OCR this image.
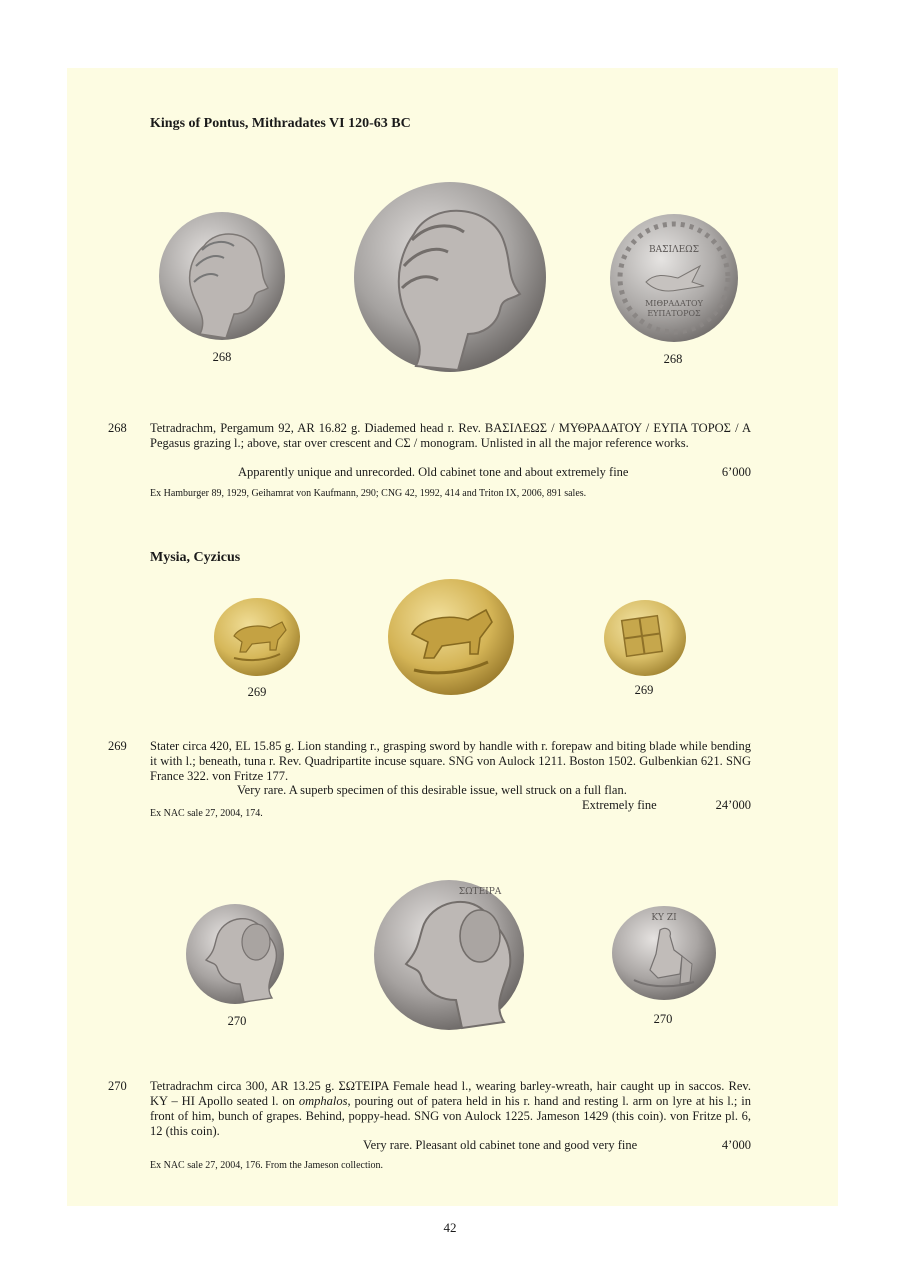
Kings of Pontus, Mithradates VI 120-63 BC
ΒΑΣΙΛΕΩΣ
ΜΙΘΡΑΔΑΤΟΥ
ΕΥΠΑΤΟΡΟΣ
268	268
268 Tetradrachm, Pergamum 92, AR 16.82 g. Diademed head r. Rev. ΒΑΣΙΛΕΩΣ / ΜΥΘΡΑΔΑΤΟΥ / ΕΥΠΑ ΤΟΡΟΣ / Α Pegasus grazing l.; above, star over crescent and CΣ / monogram. Unlisted in all the major reference works.
Apparently unique and unrecorded. Old cabinet tone and about extremely fine	6’000
Ex Hamburger 89, 1929, Geihamrat von Kaufmann, 290; CNG 42, 1992, 414 and Triton IX, 2006, 891 sales.
Mysia, Cyzicus
269	269
269 Stater circa 420, EL 15.85 g. Lion standing r., grasping sword by handle with r. forepaw and biting blade while bending it with l.; beneath, tuna r. Rev. Quadripartite incuse square. SNG von Aulock 1211. Boston 1502. Gulbenkian 621. SNG France 322. von Fritze 177.
Very rare. A superb specimen of this desirable issue, well struck on a full flan.
Extremely fine	24’000
Ex NAC sale 27, 2004, 174.
ΣΩΤΕΙΡΑ
ΚΥ ΖΙ
270	270
270 Tetradrachm circa 300, AR 13.25 g. ΣΩΤΕΙΡΑ Female head l., wearing barley-wreath, hair caught up in saccos. Rev. KY – HI Apollo seated l. on omphalos, pouring out of patera held in his r. hand and resting l. arm on lyre at his l.; in front of him, bunch of grapes. Behind, poppy-head. SNG von Aulock 1225. Jameson 1429 (this coin). von Fritze pl. 6, 12 (this coin).
Very rare. Pleasant old cabinet tone and good very fine	4’000
Ex NAC sale 27, 2004, 176. From the Jameson collection.
42
